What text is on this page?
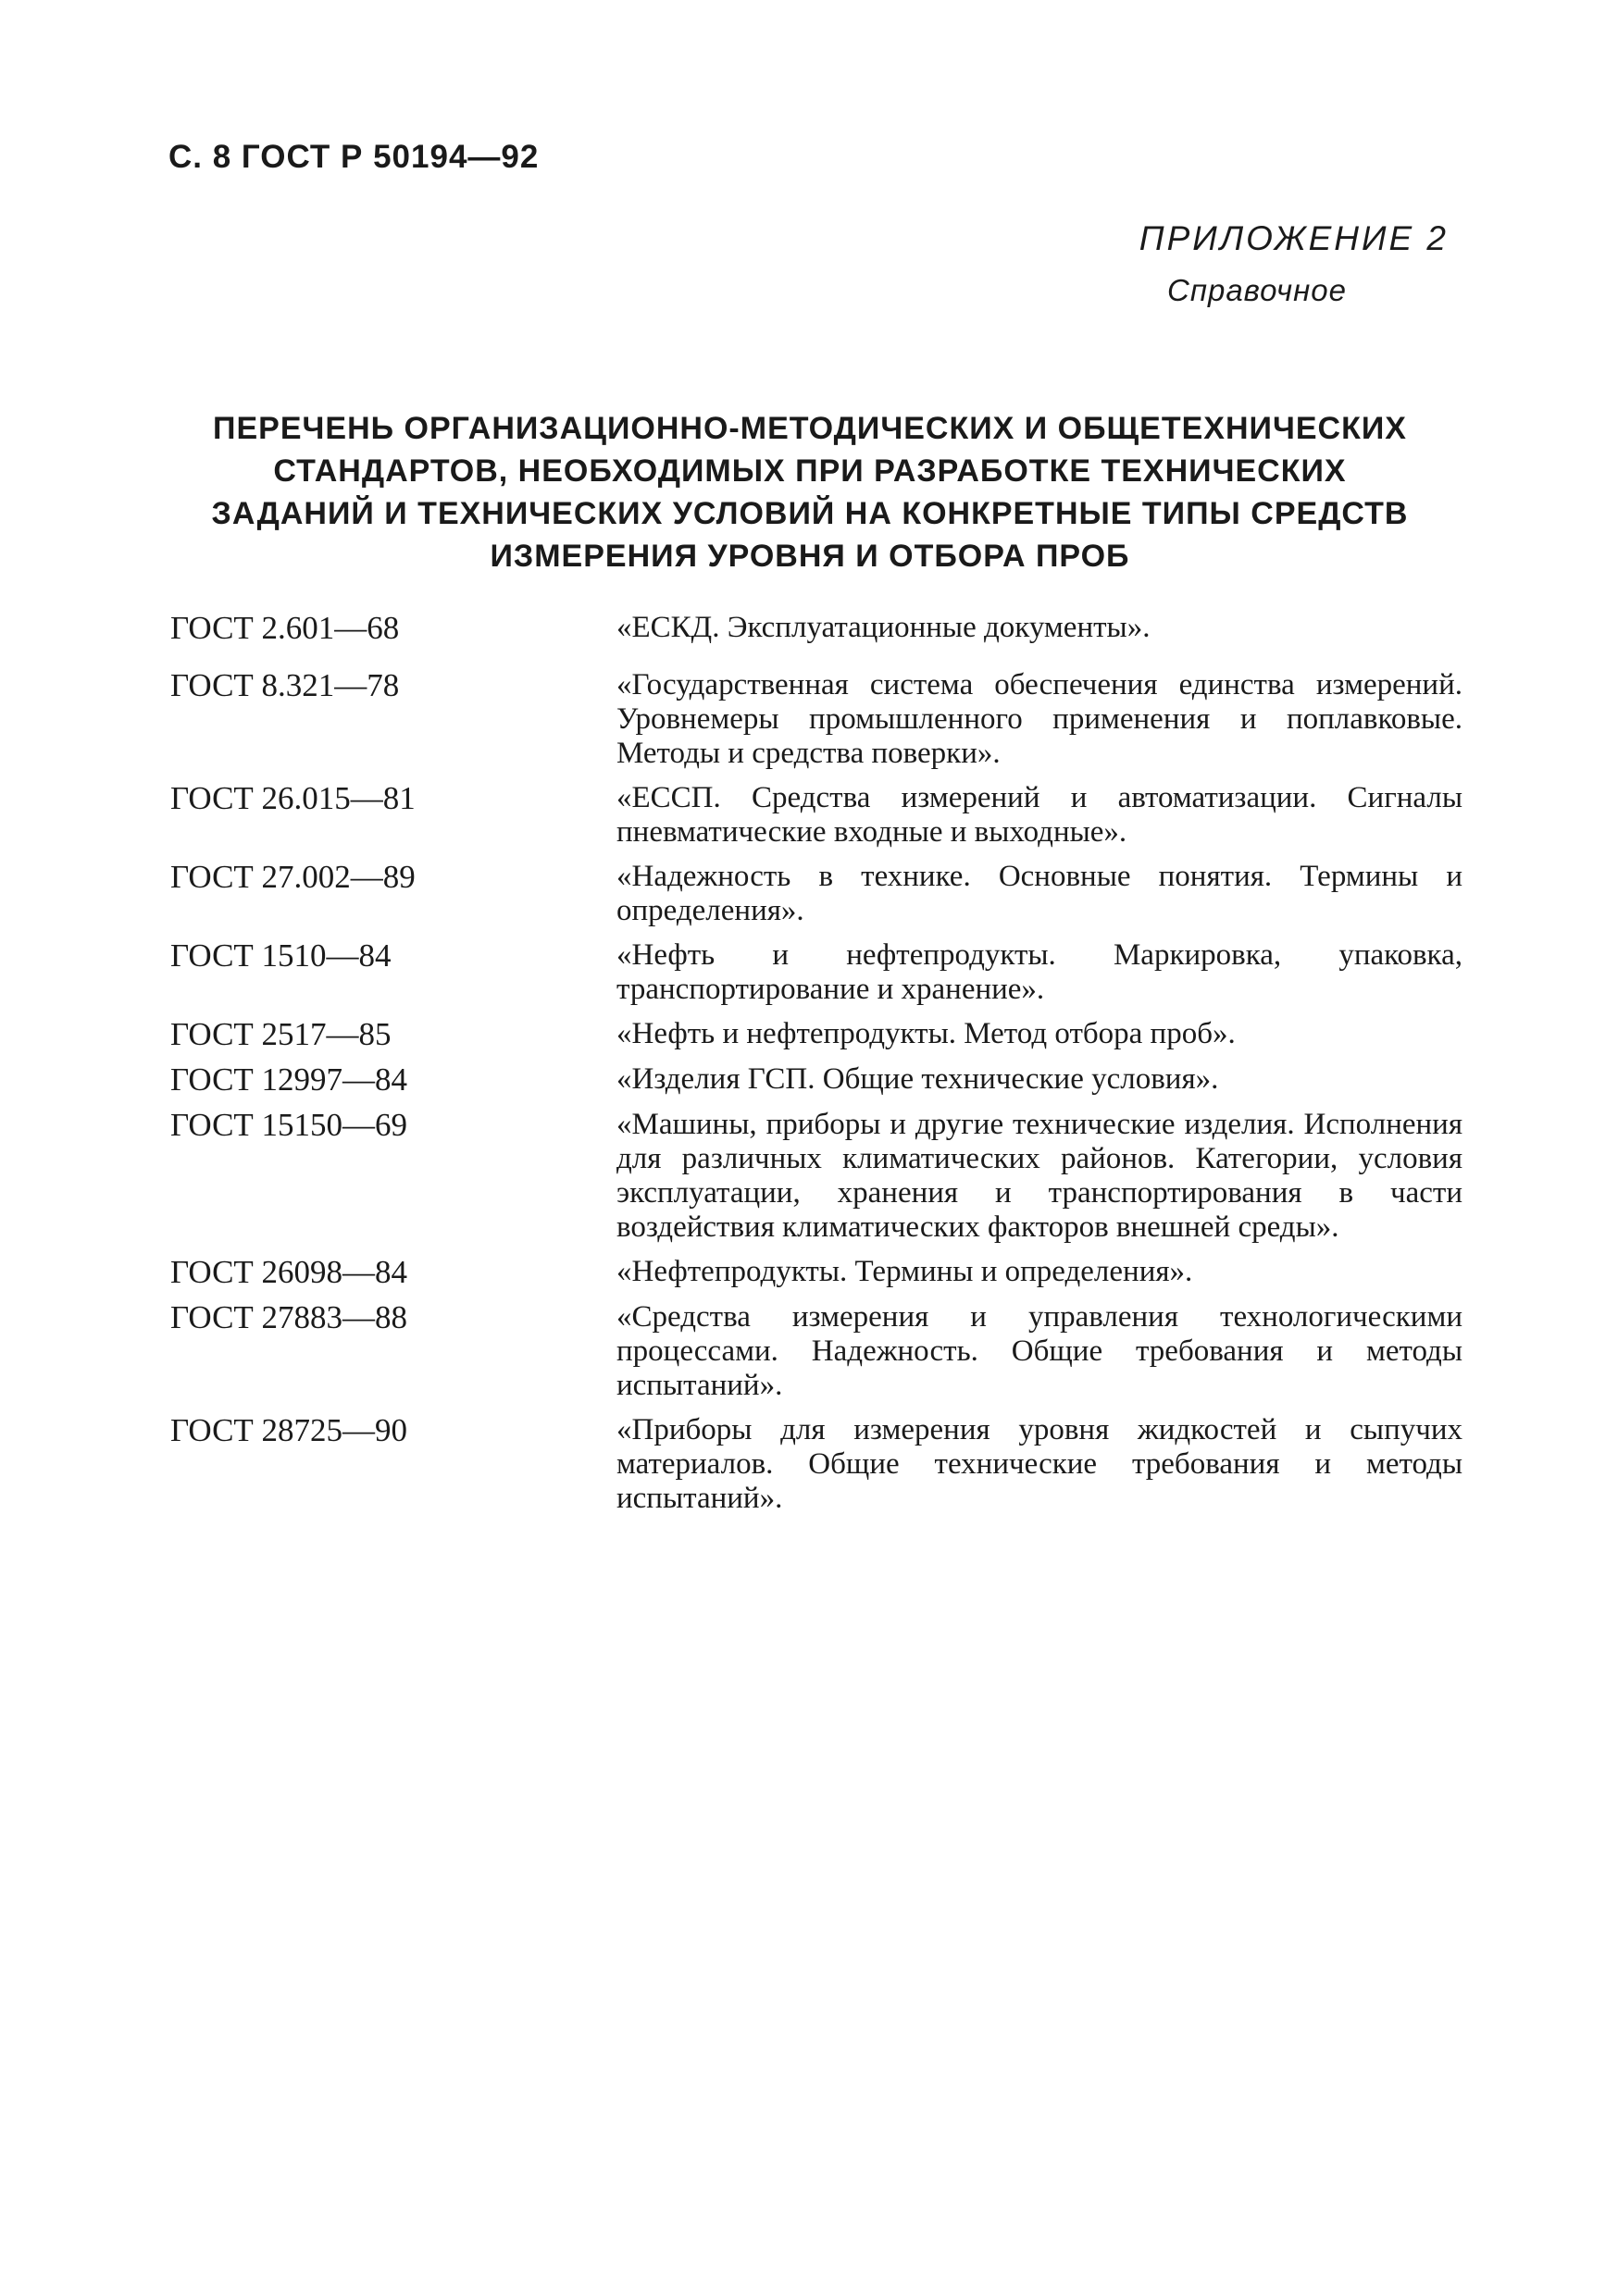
С. 8 ГОСТ Р 50194—92
ПРИЛОЖЕНИЕ 2
Справочное
ПЕРЕЧЕНЬ ОРГАНИЗАЦИОННО-МЕТОДИЧЕСКИХ И ОБЩЕТЕХНИЧЕСКИХ
СТАНДАРТОВ, НЕОБХОДИМЫХ ПРИ РАЗРАБОТКЕ ТЕХНИЧЕСКИХ
ЗАДАНИЙ И ТЕХНИЧЕСКИХ УСЛОВИЙ НА КОНКРЕТНЫЕ ТИПЫ СРЕДСТВ
ИЗМЕРЕНИЯ УРОВНЯ И ОТБОРА ПРОБ
ГОСТ 2.601—68	«ЕСКД. Эксплуатационные документы».
ГОСТ 8.321—78	«Государственная система обеспечения единства измерений. Уровнемеры промышленного применения и поплавковые. Методы и средства поверки».
ГОСТ 26.015—81	«ЕССП. Средства измерений и автоматизации. Сигналы пневматические входные и выходные».
ГОСТ 27.002—89	«Надежность в технике. Основные понятия. Термины и определения».
ГОСТ 1510—84	«Нефть и нефтепродукты. Маркировка, упаковка, транспортирование и хранение».
ГОСТ 2517—85	«Нефть и нефтепродукты. Метод отбора проб».
ГОСТ 12997—84	«Изделия ГСП. Общие технические условия».
ГОСТ 15150—69	«Машины, приборы и другие технические изделия. Исполнения для различных климатических районов. Категории, условия эксплуатации, хранения и транспортирования в части воздействия климатических факторов внешней среды».
ГОСТ 26098—84	«Нефтепродукты. Термины и определения».
ГОСТ 27883—88	«Средства измерения и управления технологическими процессами. Надежность. Общие требования и методы испытаний».
ГОСТ 28725—90	«Приборы для измерения уровня жидкостей и сыпучих материалов. Общие технические требования и методы испытаний».
